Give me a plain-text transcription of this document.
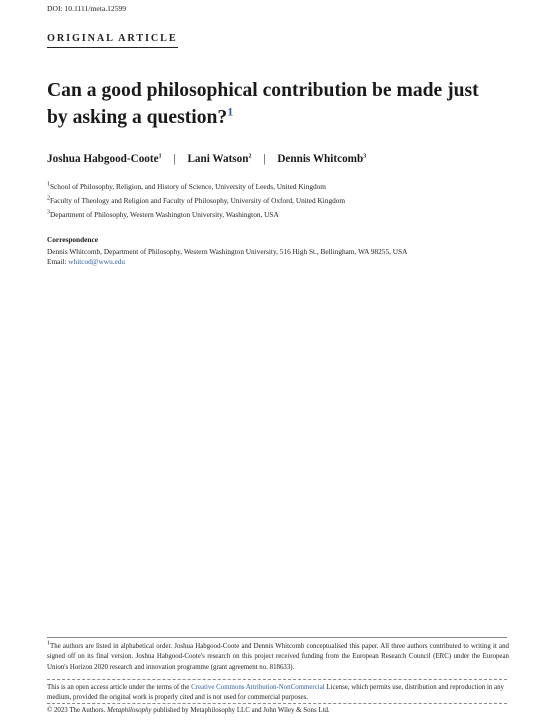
DOI: 10.1111/meta.12599
ORIGINAL ARTICLE
Can a good philosophical contribution be made just
by asking a question?$^1$
Joshua Habgood-Coote$^1$ | Lani Watson$^2$ | Dennis Whitcomb$^3$
$^1$School of Philosophy, Religion, and History of Science, University of Leeds, United Kingdom
$^2$Faculty of Theology and Religion and Faculty of Philosophy, University of Oxford, United Kingdom
$^3$Department of Philosophy, Western Washington University, Washington, USA
Correspondence
Dennis Whitcomb, Department of Philosophy, Western Washington University, 516 High St., Bellingham, WA 98255, USA
Email: whitcod@wwu.edu

$^1$The authors are listed in alphabetical order. Joshua Habgood-Coote and Dennis Whitcomb conceptualised this paper. All three authors contributed to writing it and signed off on its final version. Joshua Habgood-Coote's research on this project received funding from the European Research Council (ERC) under the European Union's Horizon 2020 research and innovation programme (grant agreement no. 818633).

This is an open access article under the terms of the Creative Commons Attribution-NonCommercial License, which permits use, distribution and reproduction in any medium, provided the original work is properly cited and is not used for commercial purposes.

© 2023 The Authors. Metaphilosophy published by Metaphilosophy LLC and John Wiley & Sons Ltd.
